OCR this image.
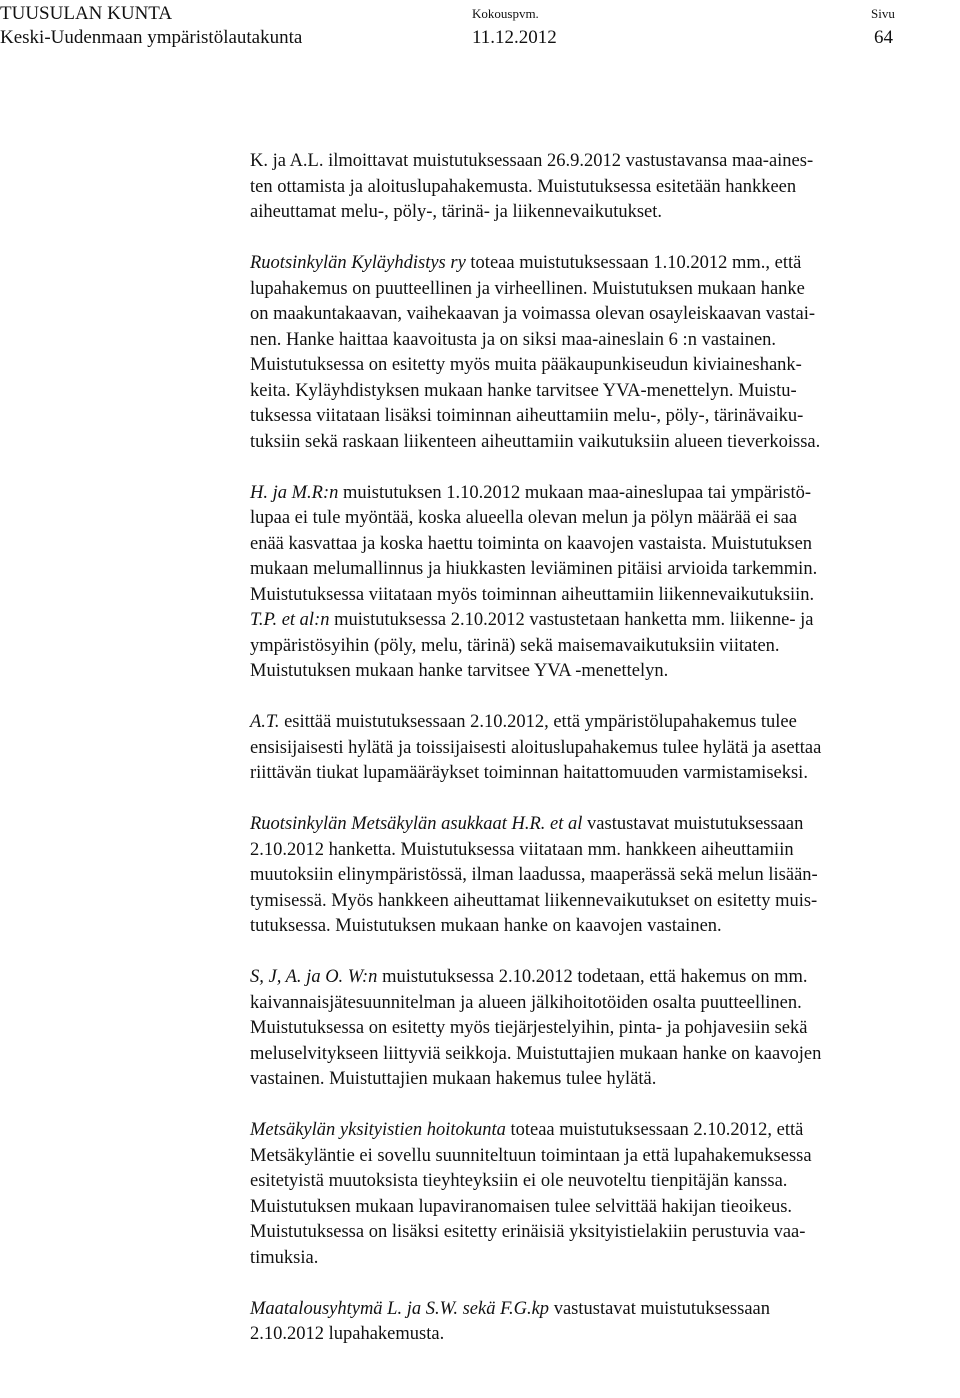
TUUSULAN KUNTA
Keski-Uudenmaan ympäristölautakunta
Kokouspvm.
11.12.2012
Sivu
64
K. ja A.L. ilmoittavat muistutuksessaan 26.9.2012 vastustavansa maa-aines-
ten ottamista ja aloituslupahakemusta. Muistutuksessa esitetään hankkeen
aiheuttamat melu-, pöly-, tärinä- ja liikennevaikutukset.
Ruotsinkylän Kyläyhdistys ry toteaa muistutuksessaan 1.10.2012 mm., että
lupahakemus on puutteellinen ja virheellinen. Muistutuksen mukaan hanke
on maakuntakaavan, vaihekaavan ja voimassa olevan osayleiskaavan vastai-
nen. Hanke haittaa kaavoitusta ja on siksi maa-aineslain 6 :n vastainen.
Muistutuksessa on esitetty myös muita pääkaupunkiseudun kiviaineshank-
keita. Kyläyhdistyksen mukaan hanke tarvitsee YVA-menettelyn. Muistu-
tuksessa viitataan lisäksi toiminnan aiheuttamiin melu-, pöly-, tärinävaiku-
tuksiin sekä raskaan liikenteen aiheuttamiin vaikutuksiin alueen tieverkoissa.
H. ja M.R:n muistutuksen 1.10.2012 mukaan maa-aineslupaa tai ympäristö-
lupaa ei tule myöntää, koska alueella olevan melun ja pölyn määrää ei saa
enää kasvattaa ja koska haettu toiminta on kaavojen vastaista. Muistutuksen
mukaan melumallinnus ja hiukkasten leviäminen pitäisi arvioida tarkemmin.
Muistutuksessa viitataan myös toiminnan aiheuttamiin liikennevaikutuksiin.
T.P. et al:n muistutuksessa 2.10.2012 vastustetaan hanketta mm. liikenne- ja
ympäristösyihin (pöly, melu, tärinä) sekä maisemavaikutuksiin viitaten.
Muistutuksen mukaan hanke tarvitsee YVA -menettelyn.
A.T. esittää muistutuksessaan 2.10.2012, että ympäristölupahakemus tulee
ensisijaisesti hylätä ja toissijaisesti aloituslupahakemus tulee hylätä ja asettaa
riittävän tiukat lupamääräykset toiminnan haitattomuuden varmistamiseksi.
Ruotsinkylän Metsäkylän asukkaat H.R. et al vastustavat muistutuksessaan
2.10.2012 hanketta. Muistutuksessa viitataan mm. hankkeen aiheuttamiin
muutoksiin elinympäristössä, ilman laadussa, maaperässä sekä melun lisään-
tymisessä. Myös hankkeen aiheuttamat liikennevaikutukset on esitetty muis-
tutuksessa. Muistutuksen mukaan hanke on kaavojen vastainen.
S, J, A. ja O. W:n muistutuksessa 2.10.2012 todetaan, että hakemus on mm.
kaivannaisjätesuunnitelman ja alueen jälkihoitotöiden osalta puutteellinen.
Muistutuksessa on esitetty myös tiejärjestelyihin, pinta- ja pohjavesiin sekä
meluselvitykseen liittyviä seikkoja. Muistuttajien mukaan hanke on kaavojen
vastainen. Muistuttajien mukaan hakemus tulee hylätä.
Metsäkylän yksityistien hoitokunta toteaa muistutuksessaan 2.10.2012, että
Metsäkyläntie ei sovellu suunniteltuun toimintaan ja että lupahakemuksessa
esitetyistä muutoksista tieyhteyksiin ei ole neuvoteltu tienpitäjän kanssa.
Muistutuksen mukaan lupaviranomaisen tulee selvittää hakijan tieoikeus.
Muistutuksessa on lisäksi esitetty erinäisiä yksityistielakiin perustuvia vaa-
timuksia.
Maatalousyhtymä L. ja S.W. sekä F.G.kp vastustavat muistutuksessaan
2.10.2012 lupahakemusta.
